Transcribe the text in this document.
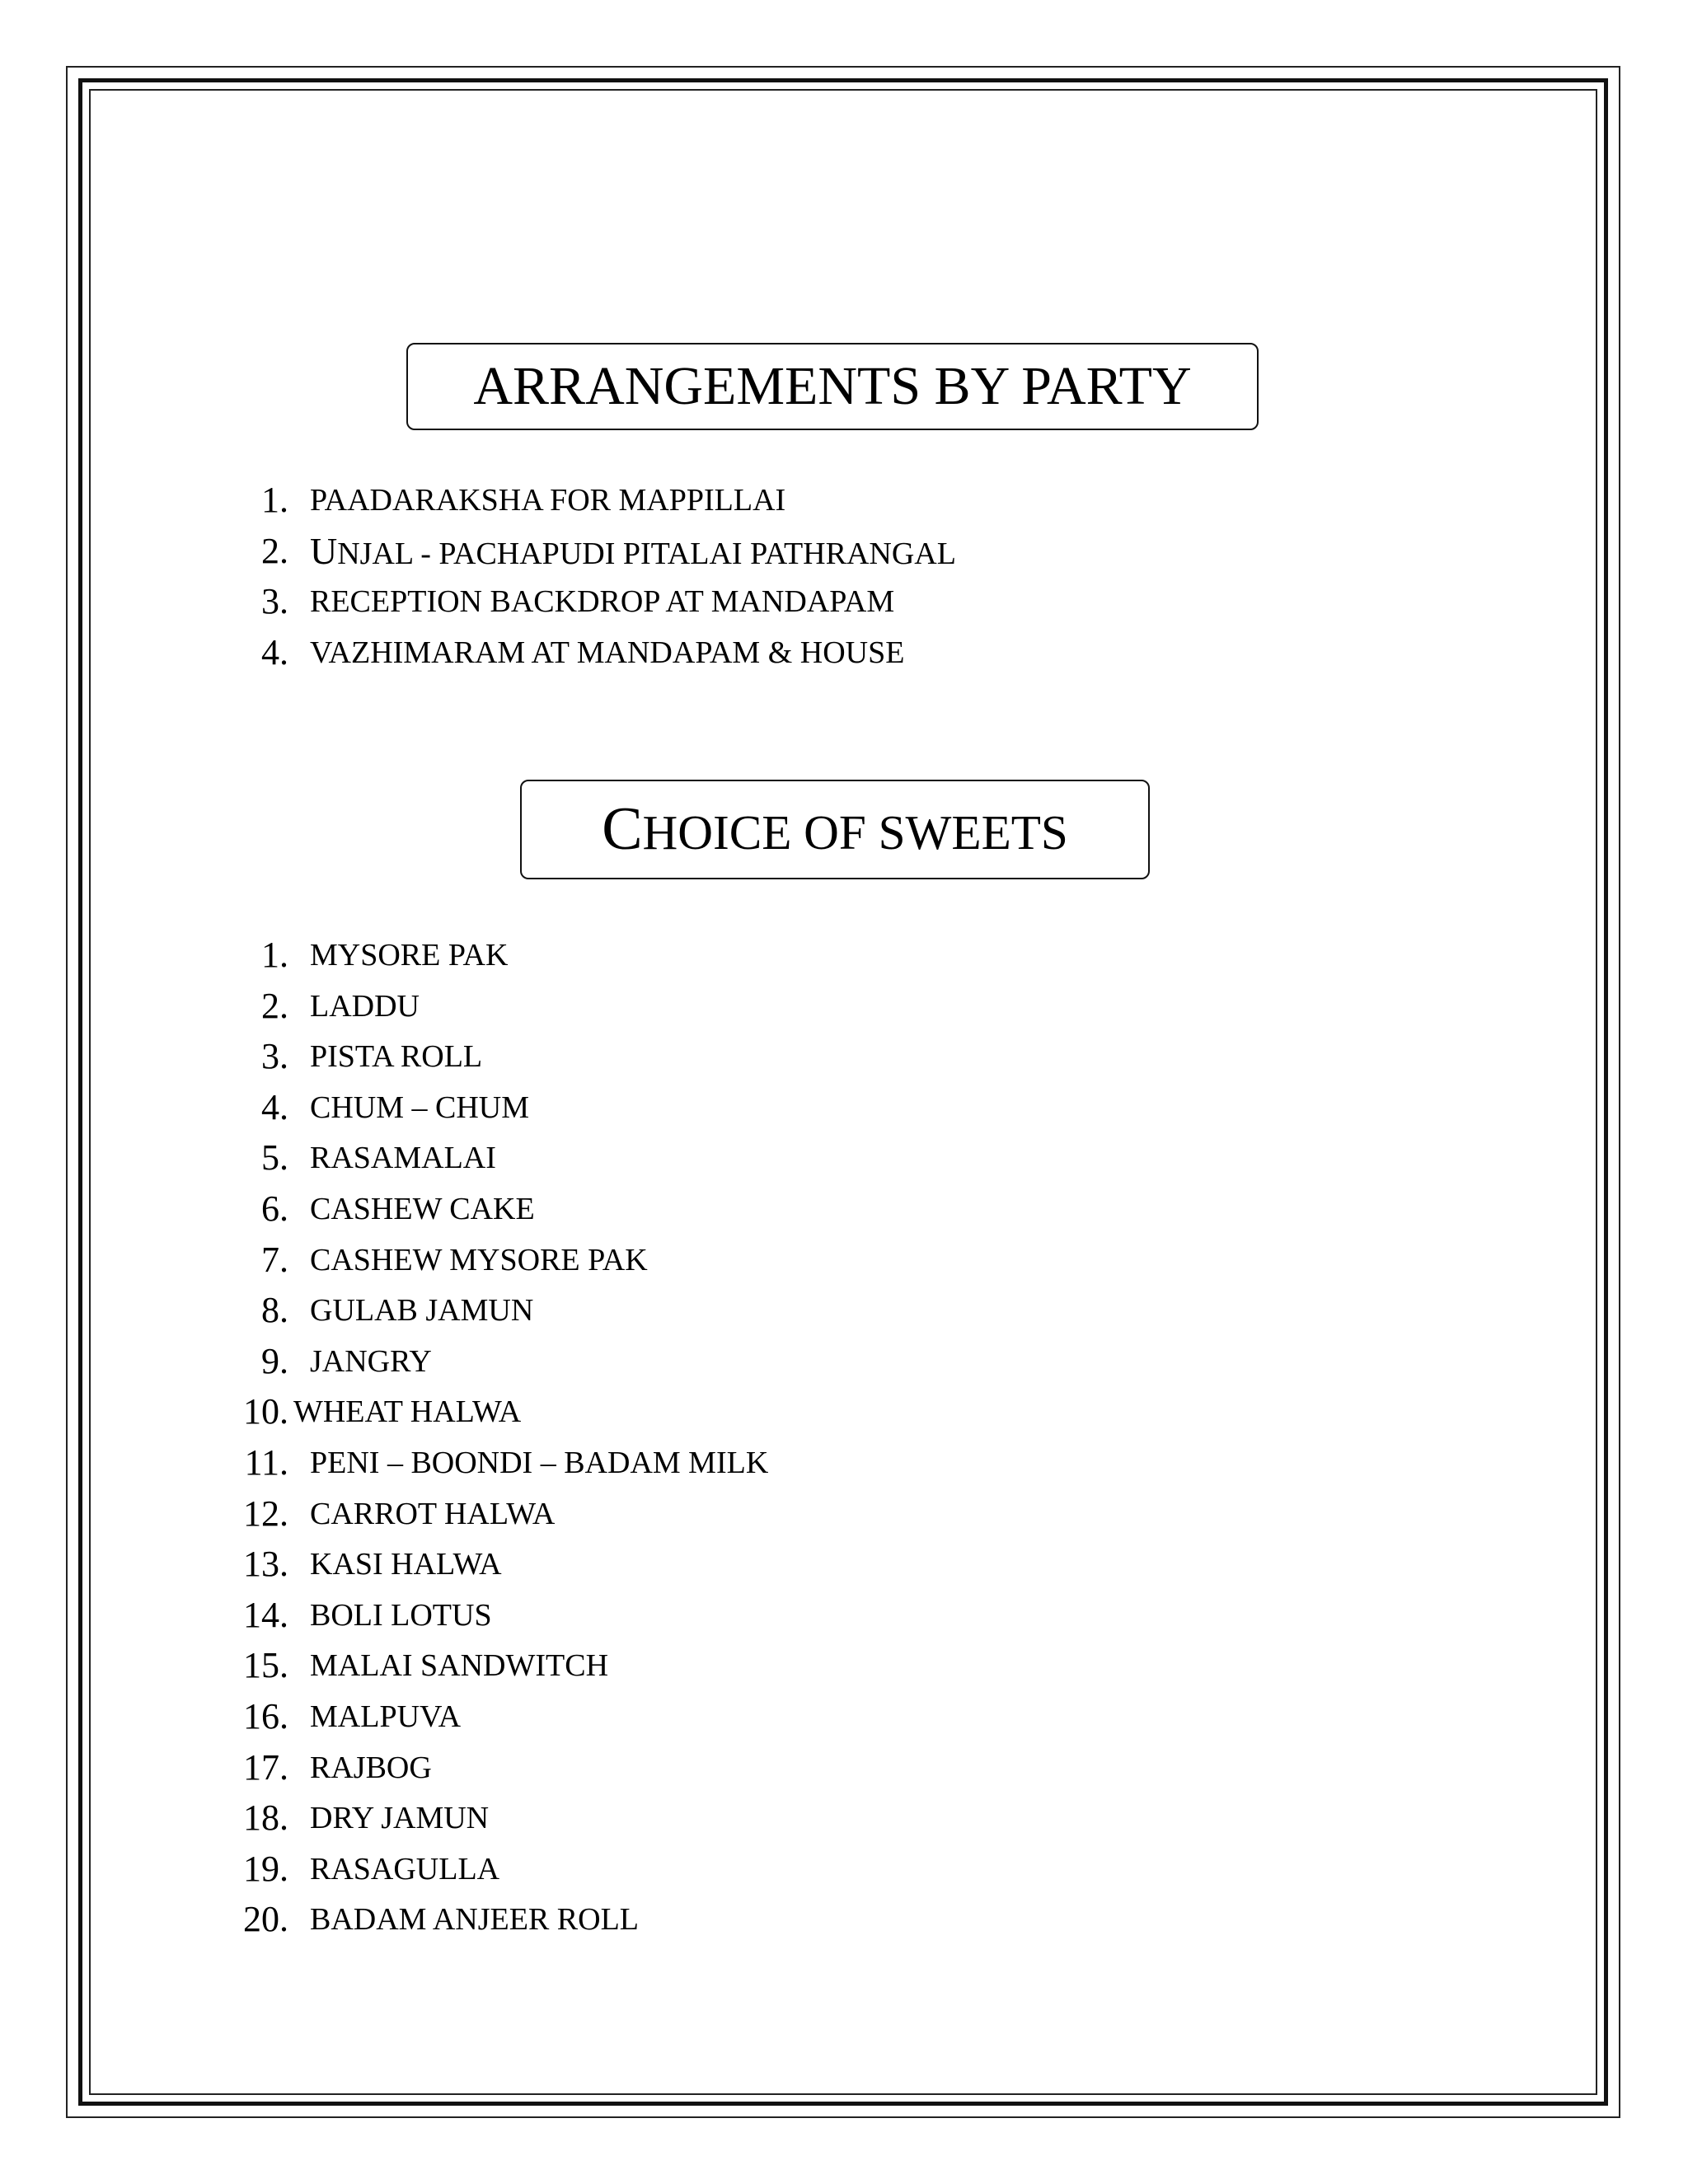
ARRANGEMENTS BY PARTY
1. PAADARAKSHA FOR MAPPILLAI
2. UNJAL - PACHAPUDI PITALAI PATHRANGAL
3. RECEPTION BACKDROP AT MANDAPAM
4. VAZHIMARAM AT MANDAPAM & HOUSE
CHOICE OF SWEETS
1. MYSORE PAK
2. LADDU
3. PISTA ROLL
4. CHUM – CHUM
5. RASAMALAI
6. CASHEW CAKE
7. CASHEW MYSORE PAK
8. GULAB JAMUN
9. JANGRY
10. WHEAT HALWA
11. PENI – BOONDI – BADAM MILK
12. CARROT HALWA
13. KASI HALWA
14. BOLI LOTUS
15. MALAI SANDWITCH
16. MALPUVA
17. RAJBOG
18. DRY JAMUN
19. RASAGULLA
20. BADAM ANJEER ROLL
